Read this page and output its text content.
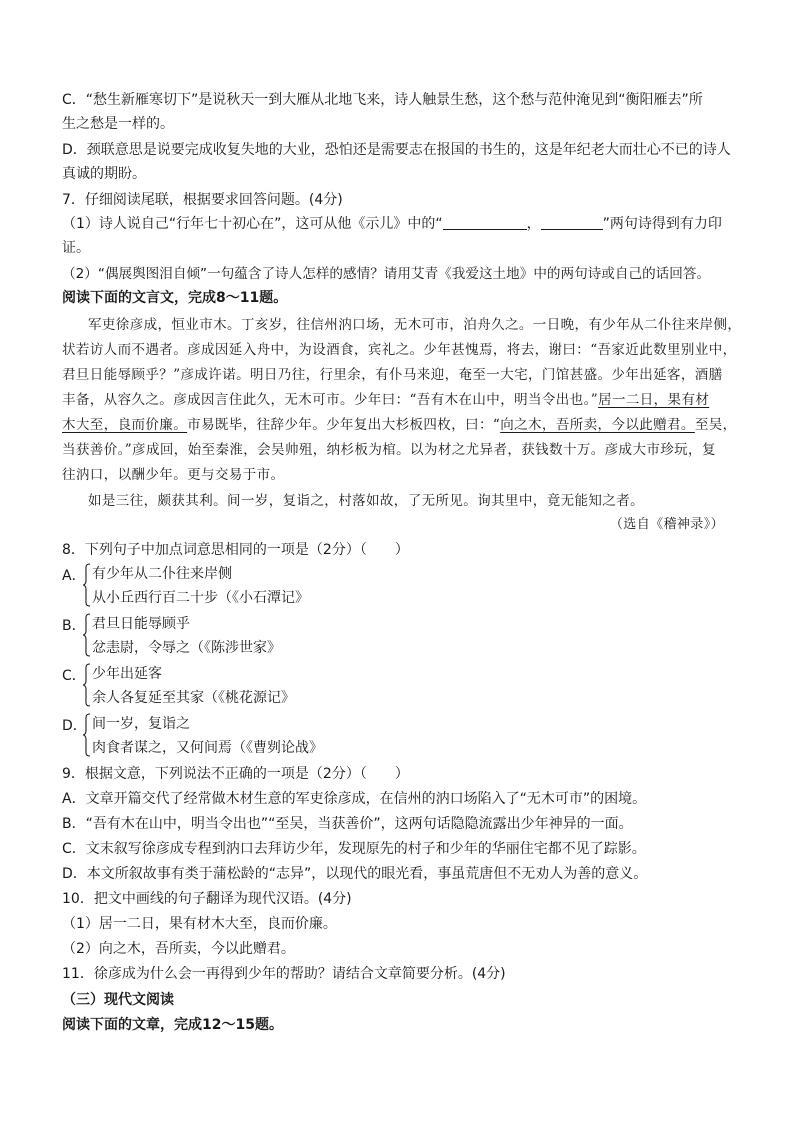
C．“愁生新雁寒切下”是说秋天一到大雁从北地飞来，诗人触景生愁，这个愁与范仲淹见到“衡阳雁去”所
生之愁是一样的。
D．颈联意思是说要完成收复失地的大业，恐怕还是需要志在报国的书生的，这是年纪老大而壮心不已的诗人
真诚的期盼。
7．仔细阅读尾联，根据要求回答问题。(4分)
（1）诗人说自己“行年七十初心在”，这可从他《示儿》中的“	，	”两句诗得到有力印
证。
（2）“偶展舆图泪自倾”一句蕴含了诗人怎样的感情？请用艾青《我爱这土地》中的两句诗或自己的话回答。
阅读下面的文言文，完成8～11题。
军吏徐彦成，恒业市木。丁亥岁，往信州汭口场，无木可市，泊舟久之。一日晚，有少年从二仆往来岸侧，
状若访人而不遇者。彦成因延入舟中，为设酒食，宾礼之。少年甚愧焉，将去，谢曰：“吾家近此数里别业中，
君旦日能辱顾乎？”彦成许诺。明日乃往，行里余，有仆马来迎，奄至一大宅，门馆甚盛。少年出延客，酒膳
丰备，从容久之。彦成因言住此久，无木可市。少年曰：“吾有木在山中，明当令出也。”居一二日，果有材
木大至，良而价廉。市易既毕，往辞少年。少年复出大杉板四枚，曰：“向之木，吾所卖，今以此赠君。至吴，
当获善价。”彦成回，始至秦淮，会吴帅殂，纳杉板为棺。以为材之尤异者，获钱数十万。彦成大市珍玩，复
往汭口，以酬少年。更与交易于市。
如是三往，颇获其利。间一岁，复诣之，村落如故，了无所见。询其里中，竟无能知之者。
（选自《稽神录》）
8．下列句子中加点词意思相同的一项是（2分）（　　）
A． 有少年从二仆往来岸侧
从小丘西行百二十步（《小石潭记》
B． 君旦日能辱顾乎
忿恚尉，令辱之（《陈涉世家》
C． 少年出延客
余人各复延至其家（《桃花源记》
D． 间一岁，复诣之
肉食者谋之，又何间焉（《曹刿论战》
9．根据文意，下列说法不正确的一项是（2分）（　　）
A．文章开篇交代了经常做木材生意的军吏徐彦成，在信州的汭口场陷入了“无木可市”的困境。
B．“吾有木在山中，明当令出也”“至吴，当获善价”，这两句话隐隐流露出少年神异的一面。
C．文末叙写徐彦成专程到汭口去拜访少年，发现原先的村子和少年的华丽住宅都不见了踪影。
D．本文所叙故事有类于蒲松龄的“志异”，以现代的眼光看，事虽荒唐但不无劝人为善的意义。
10．把文中画线的句子翻译为现代汉语。(4分)
（1）居一二日，果有材木大至，良而价廉。
（2）向之木，吾所卖，今以此赠君。
11．徐彦成为什么会一再得到少年的帮助？请结合文章简要分析。(4分)
（三）现代文阅读
阅读下面的文章，完成12～15题。
